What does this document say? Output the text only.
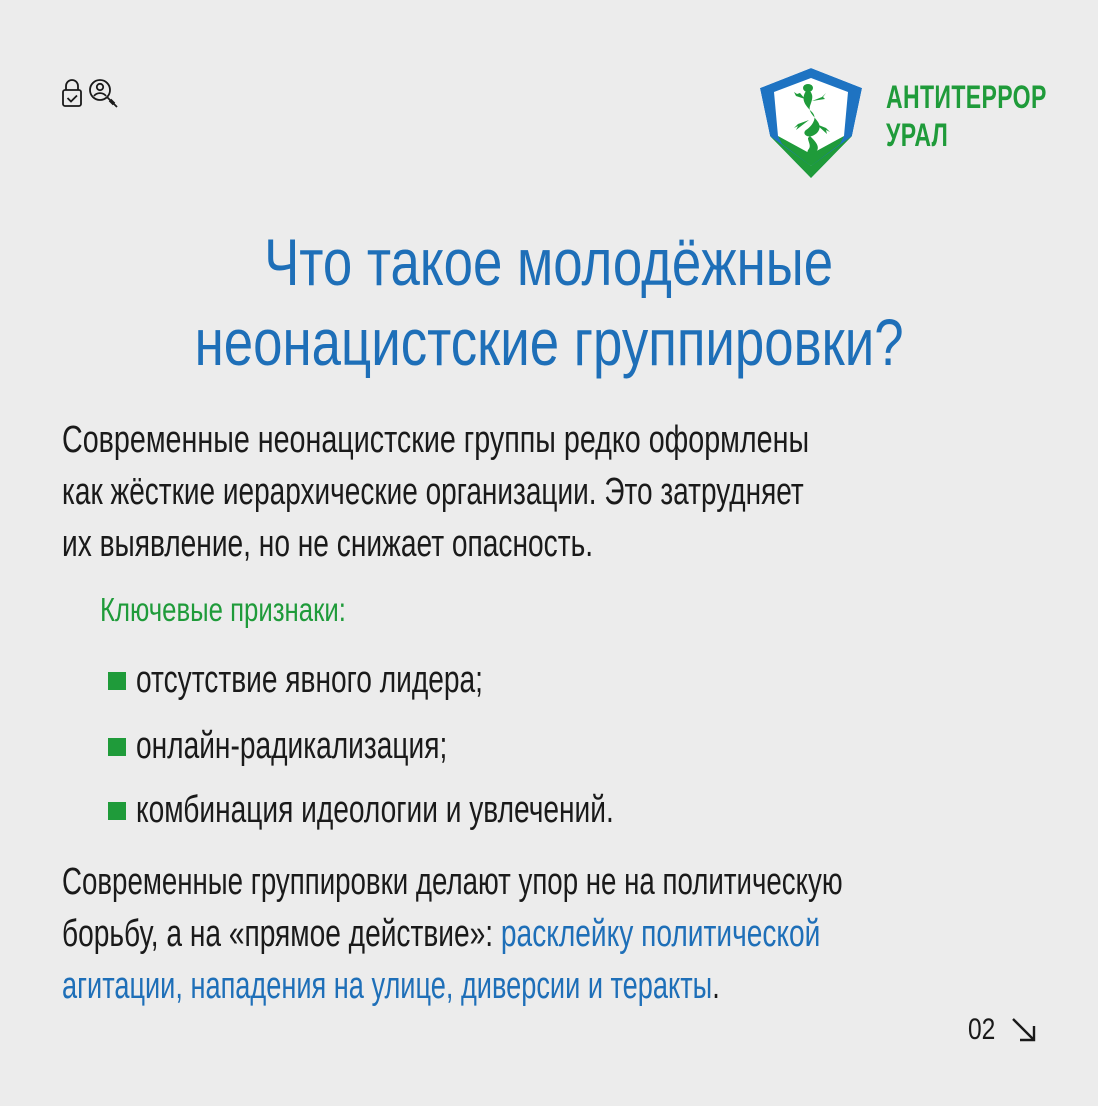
АНТИТЕРРОР
УРАЛ
Что такое молодёжные
неонацистские группировки?
Современные неонацистские группы редко оформлены
как жёсткие иерархические организации. Это затрудняет
их выявление, но не снижает опасность.
Ключевые признаки:
отсутствие явного лидера;
онлайн-радикализация;
комбинация идеологии и увлечений.
Современные группировки делают упор не на политическую
борьбу, а на «прямое действие»: расклейку политической
агитации, нападения на улице, диверсии и теракты.
02
